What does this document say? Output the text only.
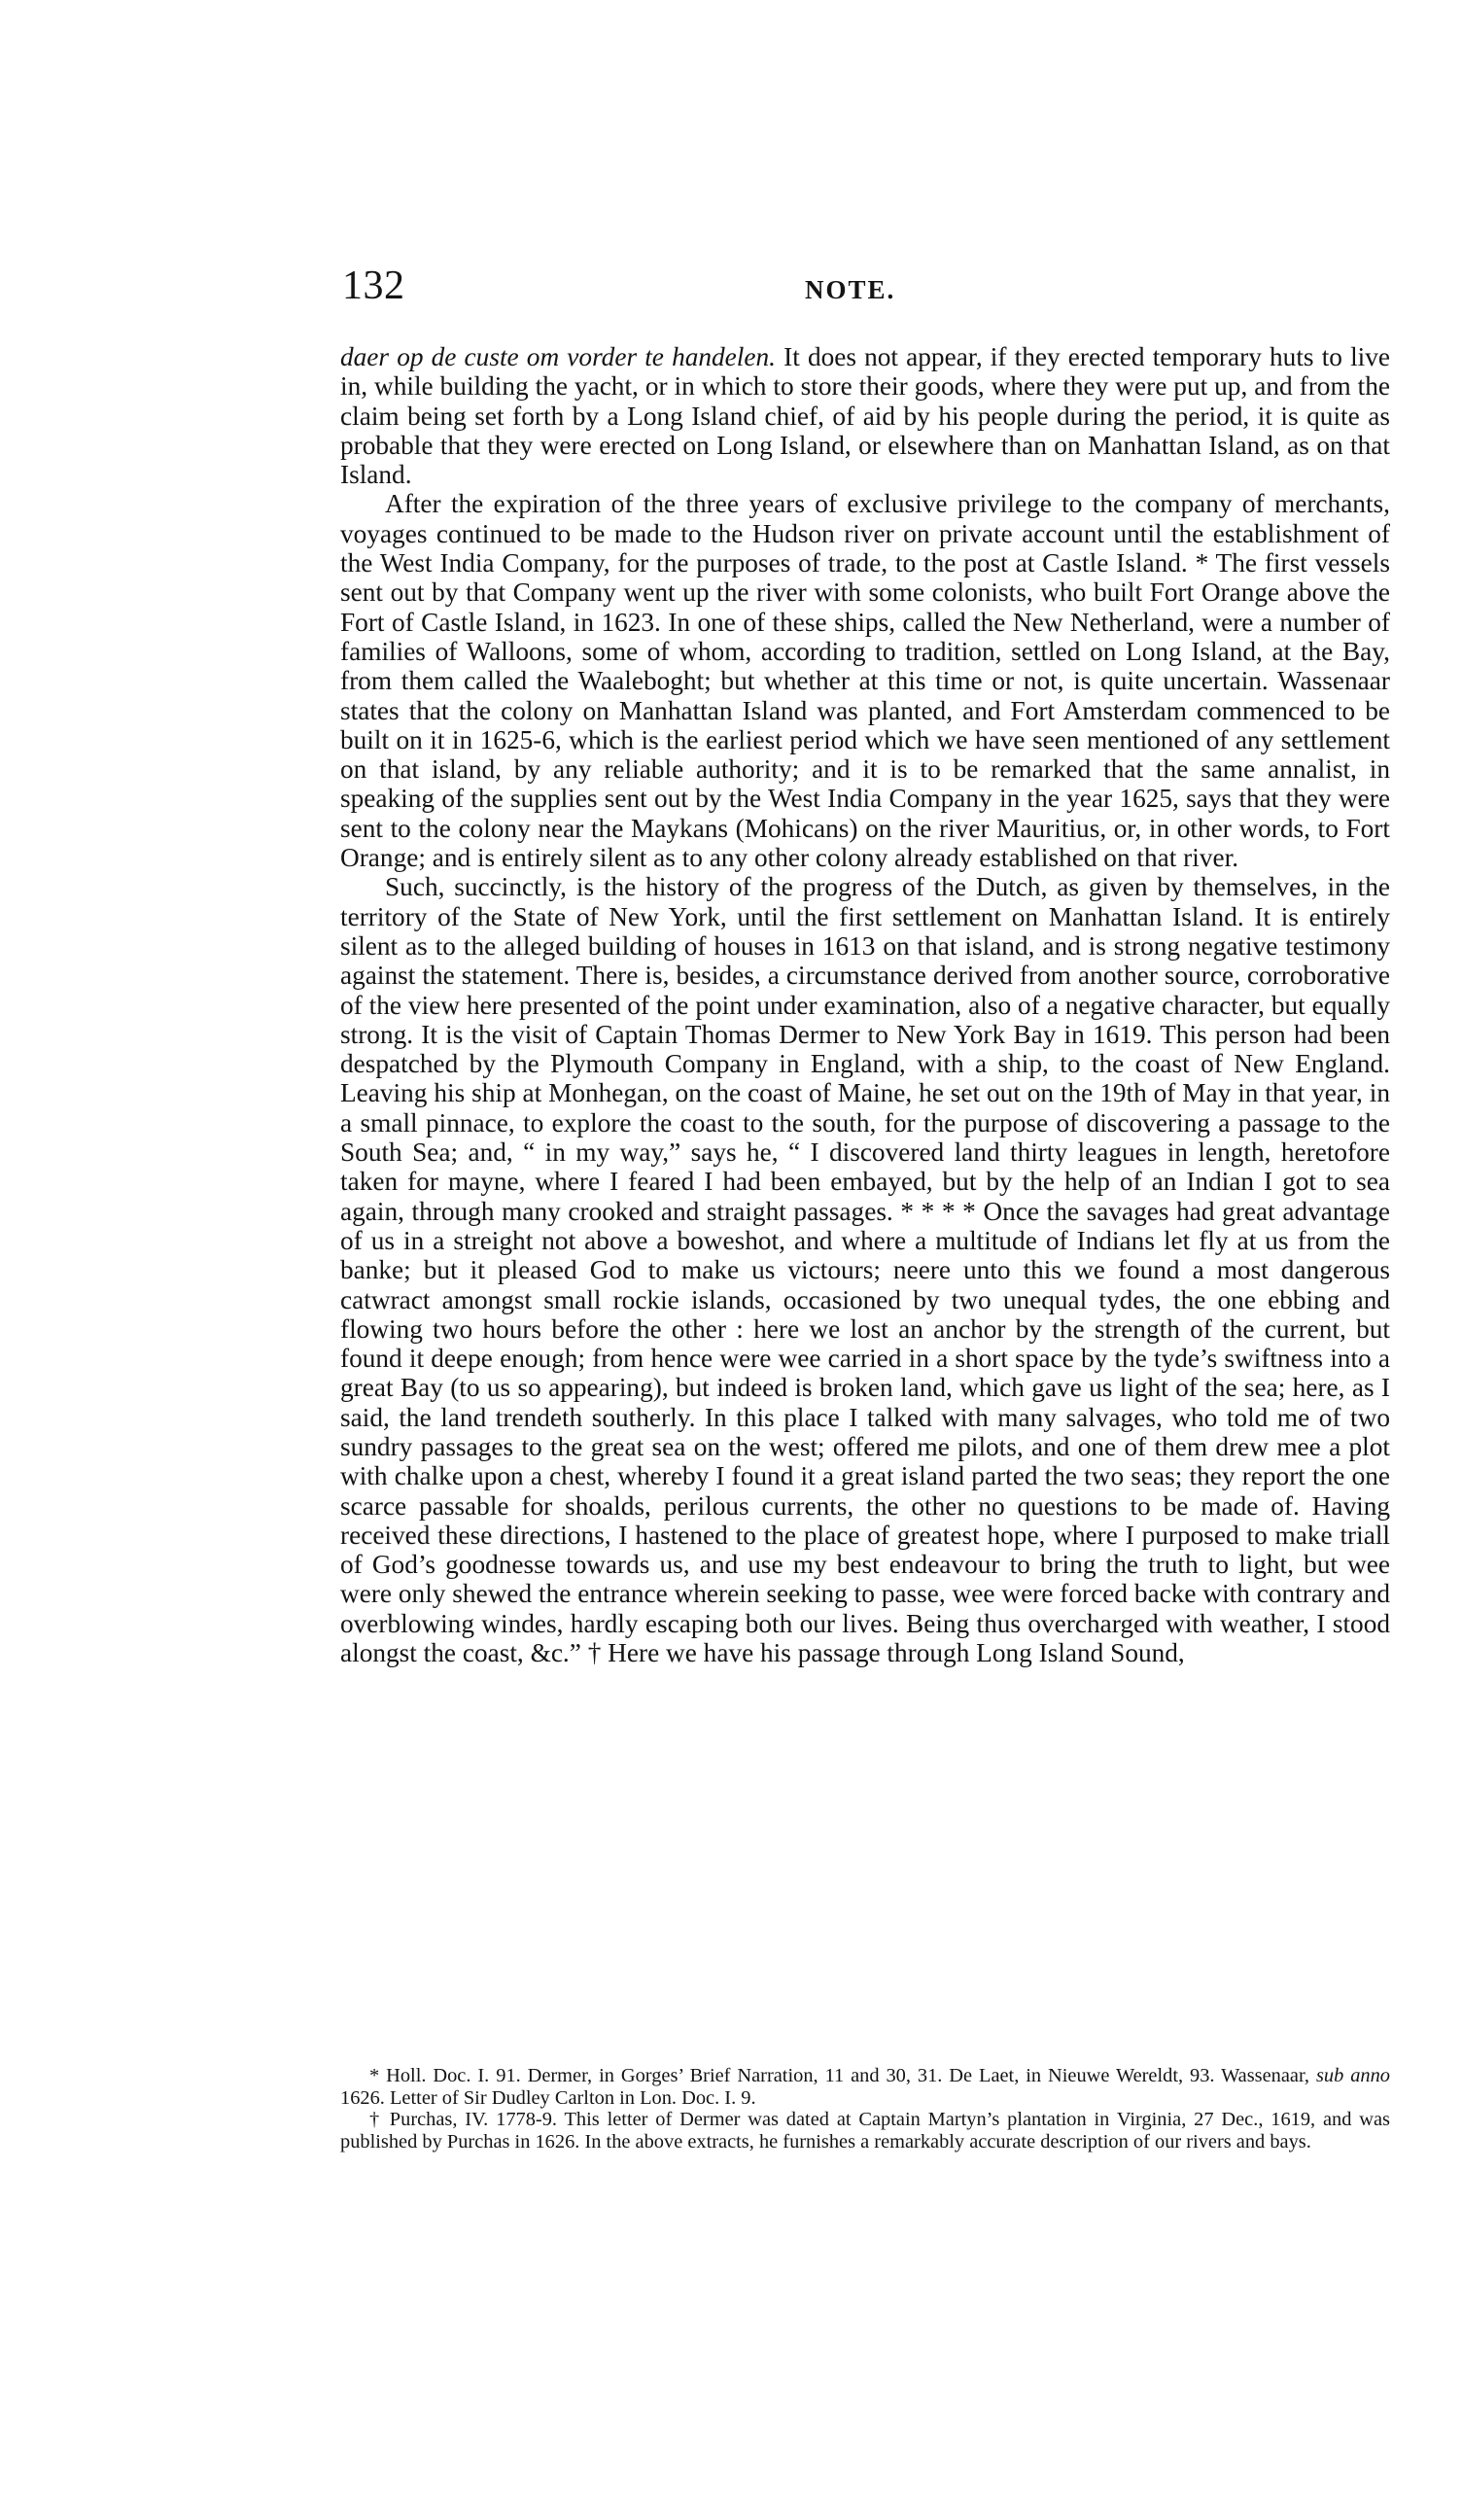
132	NOTE.

daer op de custe om vorder te handelen. It does not appear, if they erected temporary huts to live in, while building the yacht, or in which to store their goods, where they were put up, and from the claim being set forth by a Long Island chief, of aid by his people during the period, it is quite as probable that they were erected on Long Island, or elsewhere than on Manhattan Island, as on that Island.

After the expiration of the three years of exclusive privilege to the company of merchants, voyages continued to be made to the Hudson river on private account until the establishment of the West India Company, for the purposes of trade, to the post at Castle Island. * The first vessels sent out by that Company went up the river with some colonists, who built Fort Orange above the Fort of Castle Island, in 1623. In one of these ships, called the New Netherland, were a number of families of Walloons, some of whom, according to tradition, settled on Long Island, at the Bay, from them called the Waaleboght; but whether at this time or not, is quite uncertain. Wassenaar states that the colony on Manhattan Island was planted, and Fort Amsterdam commenced to be built on it in 1625-6, which is the earliest period which we have seen mentioned of any settlement on that island, by any reliable authority; and it is to be remarked that the same annalist, in speaking of the supplies sent out by the West India Company in the year 1625, says that they were sent to the colony near the Maykans (Mohicans) on the river Mauritius, or, in other words, to Fort Orange; and is entirely silent as to any other colony already established on that river.

Such, succinctly, is the history of the progress of the Dutch, as given by themselves, in the territory of the State of New York, until the first settlement on Manhattan Island. It is entirely silent as to the alleged building of houses in 1613 on that island, and is strong negative testimony against the statement. There is, besides, a circumstance derived from another source, corroborative of the view here presented of the point under examination, also of a negative character, but equally strong. It is the visit of Captain Thomas Dermer to New York Bay in 1619. This person had been despatched by the Plymouth Company in England, with a ship, to the coast of New England. Leaving his ship at Monhegan, on the coast of Maine, he set out on the 19th of May in that year, in a small pinnace, to explore the coast to the south, for the purpose of discovering a passage to the South Sea; and, “ in my way,” says he, “ I discovered land thirty leagues in length, heretofore taken for mayne, where I feared I had been embayed, but by the help of an Indian I got to sea again, through many crooked and straight passages. * * * * Once the savages had great advantage of us in a streight not above a boweshot, and where a multitude of Indians let fly at us from the banke; but it pleased God to make us victours; neere unto this we found a most dangerous catwract amongst small rockie islands, occasioned by two unequal tydes, the one ebbing and flowing two hours before the other : here we lost an anchor by the strength of the current, but found it deepe enough; from hence were wee carried in a short space by the tyde’s swiftness into a great Bay (to us so appearing), but indeed is broken land, which gave us light of the sea; here, as I said, the land trendeth southerly. In this place I talked with many salvages, who told me of two sundry passages to the great sea on the west; offered me pilots, and one of them drew mee a plot with chalke upon a chest, whereby I found it a great island parted the two seas; they report the one scarce passable for shoalds, perilous currents, the other no questions to be made of. Having received these directions, I hastened to the place of greatest hope, where I purposed to make triall of God’s goodnesse towards us, and use my best endeavour to bring the truth to light, but wee were only shewed the entrance wherein seeking to passe, wee were forced backe with contrary and overblowing windes, hardly escaping both our lives. Being thus overcharged with weather, I stood alongst the coast, &c.” † Here we have his passage through Long Island Sound,

* Holl. Doc. I. 91. Dermer, in Gorges’ Brief Narration, 11 and 30, 31. De Laet, in Nieuwe Wereldt, 93. Wassenaar, sub anno 1626. Letter of Sir Dudley Carlton in Lon. Doc. I. 9.

† Purchas, IV. 1778-9. This letter of Dermer was dated at Captain Martyn’s plantation in Virginia, 27 Dec., 1619, and was published by Purchas in 1626. In the above extracts, he furnishes a remarkably accurate description of our rivers and bays.
